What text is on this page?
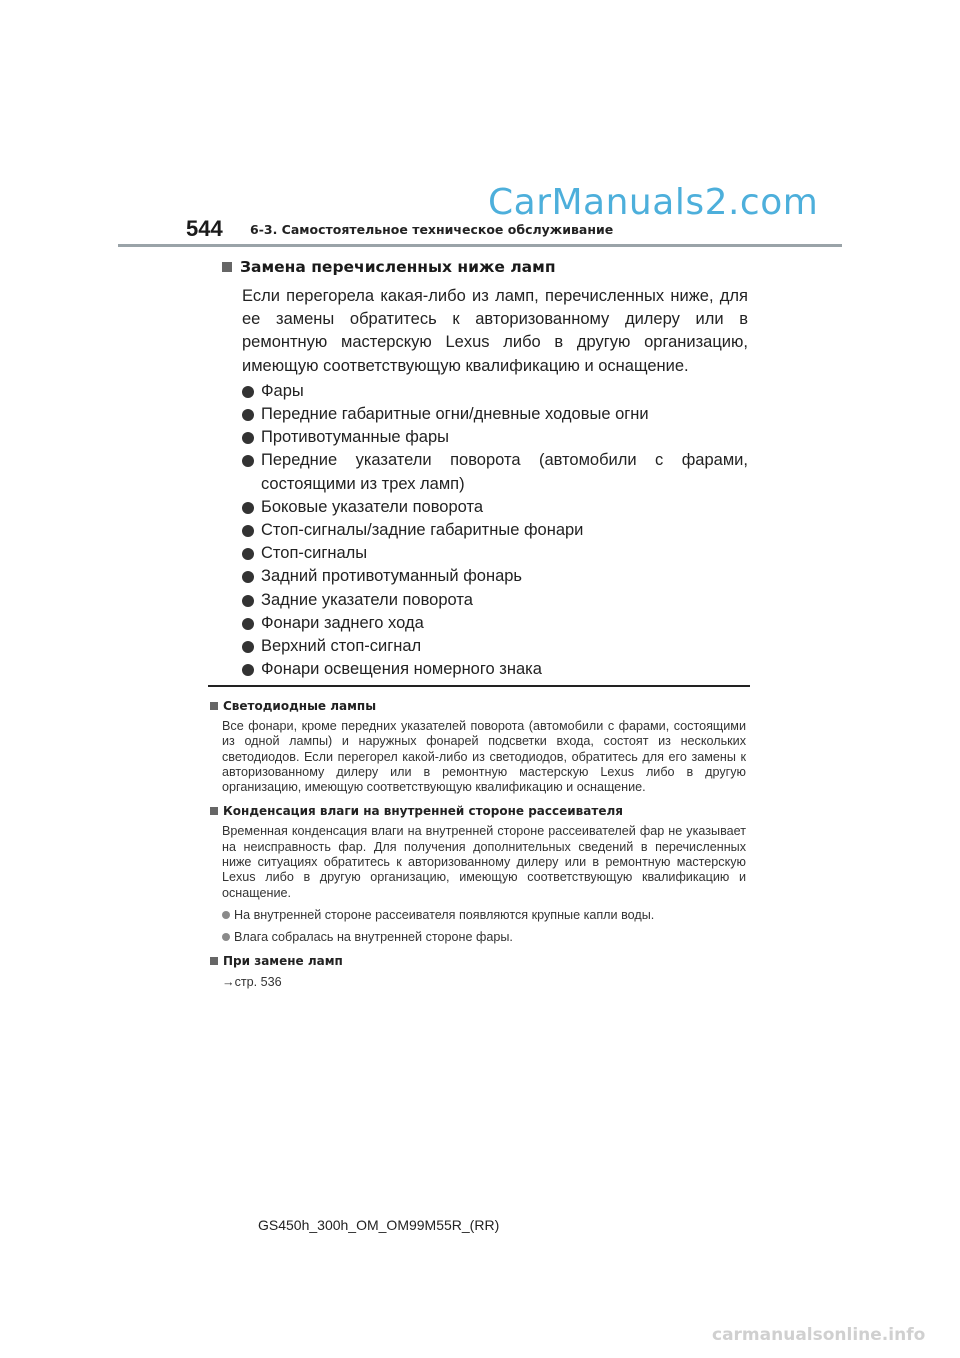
CarManuals2.com
544 6-3. Самостоятельное техническое обслуживание
Замена перечисленных ниже ламп

Если перегорела какая-либо из ламп, перечисленных ниже, для ее замены обратитесь к авторизованному дилеру или в ремонтную мастерскую Lexus либо в другую организацию, имеющую соответствующую квалификацию и оснащение.

Фары
Передние габаритные огни/дневные ходовые огни
Противотуманные фары
Передние указатели поворота (автомобили с фарами, состоящими из трех ламп)
Боковые указатели поворота
Стоп-сигналы/задние габаритные фонари
Стоп-сигналы
Задний противотуманный фонарь
Задние указатели поворота
Фонари заднего хода
Верхний стоп-сигнал
Фонари освещения номерного знака
Светодиодные лампы

Все фонари, кроме передних указателей поворота (автомобили с фарами, состоящими из одной лампы) и наружных фонарей подсветки входа, состоят из нескольких светодиодов. Если перегорел какой-либо из светодиодов, обратитесь для его замены к авторизованному дилеру или в ремонтную мастерскую Lexus либо в другую организацию, имеющую соответствующую квалификацию и оснащение.

Конденсация влаги на внутренней стороне рассеивателя

Временная конденсация влаги на внутренней стороне рассеивателей фар не указывает на неисправность фар. Для получения дополнительных сведений в перечисленных ниже ситуациях обратитесь к авторизованному дилеру или в ремонтную мастерскую Lexus либо в другую организацию, имеющую соответствующую квалификацию и оснащение.

На внутренней стороне рассеивателя появляются крупные капли воды.
Влага собралась на внутренней стороне фары.
При замене ламп

→стр. 536

GS450h_300h_OM_OM99M55R_(RR)
carmanualsonline.info
